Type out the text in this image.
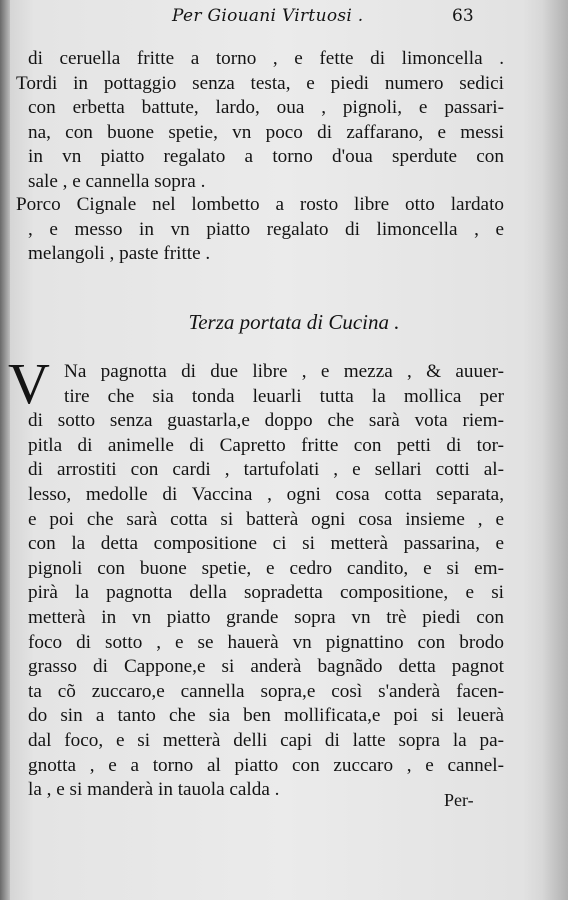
Per Giouani Virtuosi .	63
di ceruella fritte a torno , e fette di limoncella .
Tordi in pottaggio senza testa, e piedi numero sedici
con erbetta battute, lardo, oua , pignoli, e passari-
na, con buone spetie, vn poco di zaffarano, e messi
in vn piatto regalato a torno d'oua sperdute con
sale , e cannella sopra .
Porco Cignale nel lombetto a rosto libre otto lardato
, e messo in vn piatto regalato di limoncella , e
melangoli , paste fritte .
Terza portata di Cucina .
V Na pagnotta di due libre , e mezza , & auuer-
tire che sia tonda leuarli tutta la mollica per
di sotto senza guastarla,e doppo che sarà vota riem-
pitla di animelle di Capretto fritte con petti di tor-
di arrostiti con cardi , tartufolati , e sellari cotti al-
lesso, medolle di Vaccina , ogni cosa cotta separata,
e poi che sarà cotta si batterà ogni cosa insieme , e
con la detta compositione ci si metterà passarina, e
pignoli con buone spetie, e cedro candito, e si em-
pirà la pagnotta della sopradetta compositione, e si
metterà in vn piatto grande sopra vn trè piedi con
foco di sotto , e se hauerà vn pignattino con brodo
grasso di Cappone,e si anderà bagnãdo detta pagnot
ta cõ zuccaro,e cannella sopra,e così s'anderà facen-
do sin a tanto che sia ben mollificata,e poi si leuerà
dal foco, e si metterà delli capi di latte sopra la pa-
gnotta , e a torno al piatto con zuccaro , e cannel-
la , e si manderà in tauola calda .	Per-
